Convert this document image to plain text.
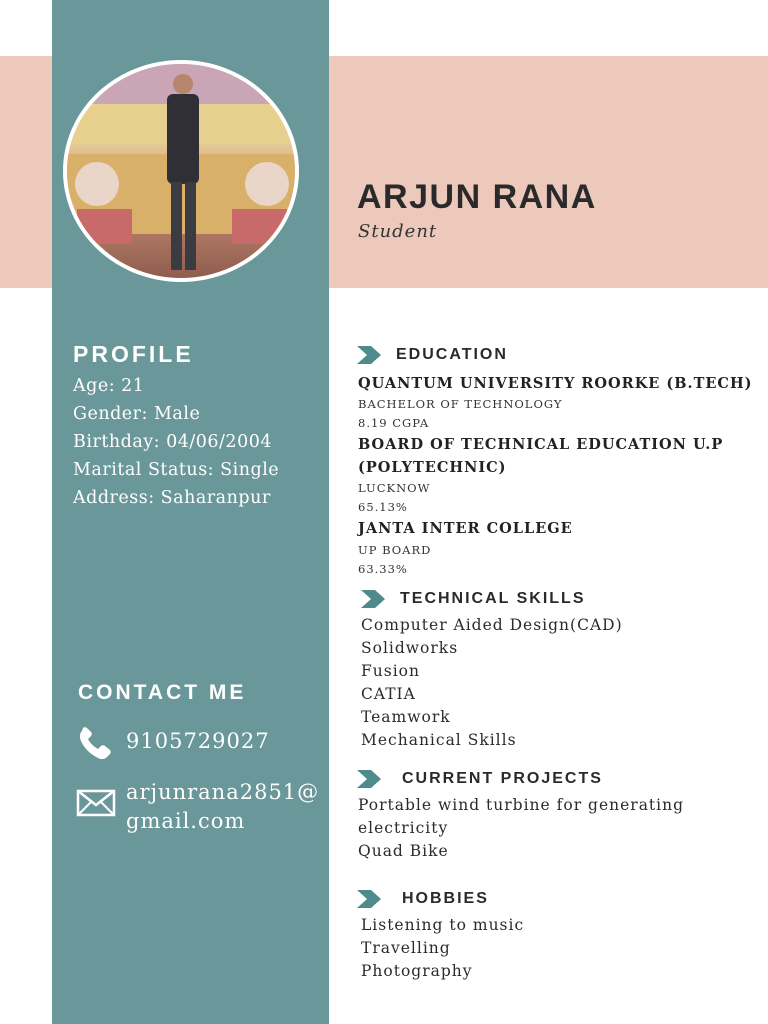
ARJUN RANA
Student
PROFILE
Age: 21
Gender: Male
Birthday: 04/06/2004
Marital Status: Single
Address: Saharanpur
CONTACT ME
9105729027
arjunrana2851@
gmail.com
EDUCATION
QUANTUM UNIVERSITY ROORKE (B.TECH)
BACHELOR OF TECHNOLOGY
8.19 CGPA
BOARD OF TECHNICAL EDUCATION U.P
(POLYTECHNIC)
LUCKNOW
65.13%
JANTA INTER COLLEGE
UP BOARD
63.33%
TECHNICAL SKILLS
Computer Aided Design(CAD)
Solidworks
Fusion
CATIA
Teamwork
Mechanical Skills
CURRENT PROJECTS
Portable wind turbine for generating
electricity
Quad Bike
HOBBIES
Listening to music
Travelling
Photography
